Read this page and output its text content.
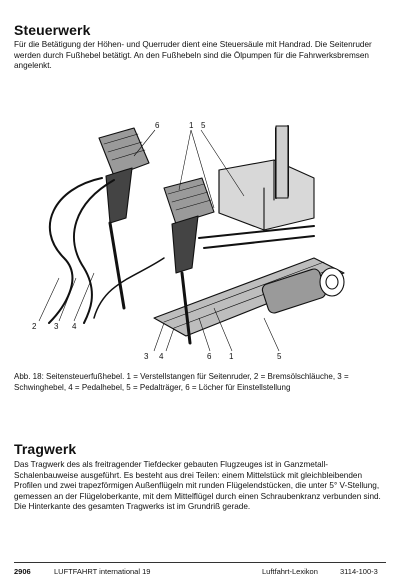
Steuerwerk
Für die Betätigung der Höhen- und Querruder dient eine Steuersäule mit Handrad. Die Seitenruder werden durch Fußhebel betätigt. An den Fußhebeln sind die Ölpumpen für die Fahrwerksbremsen angelenkt.
6	1 5
2 3 4
3 4	6 1	5
Abb. 18: Seitensteuerfußhebel. 1 = Verstellstangen für Seitenruder, 2 = Bremsölschläuche, 3 = Schwinghebel, 4 = Pedalhebel, 5 = Pedalträger, 6 = Löcher für Einstellstellung
Tragwerk
Das Tragwerk des als freitragender Tiefdecker gebauten Flugzeuges ist in Ganzmetall-Schalenbauweise ausgeführt. Es besteht aus drei Teilen: einem Mittelstück mit gleichbleibenden Profilen und zwei trapezförmigen Außenflügeln mit runden Flügelendstücken, die unter 5° V-Stellung, gemessen an der Flügeloberkante, mit dem Mittelflügel durch einen Schraubenkranz verbunden sind. Die Hinterkante des gesamten Tragwerks ist im Grundriß gerade.
2906	LUFTFAHRT international 19	Luftfahrt-Lexikon	3114-100-3
